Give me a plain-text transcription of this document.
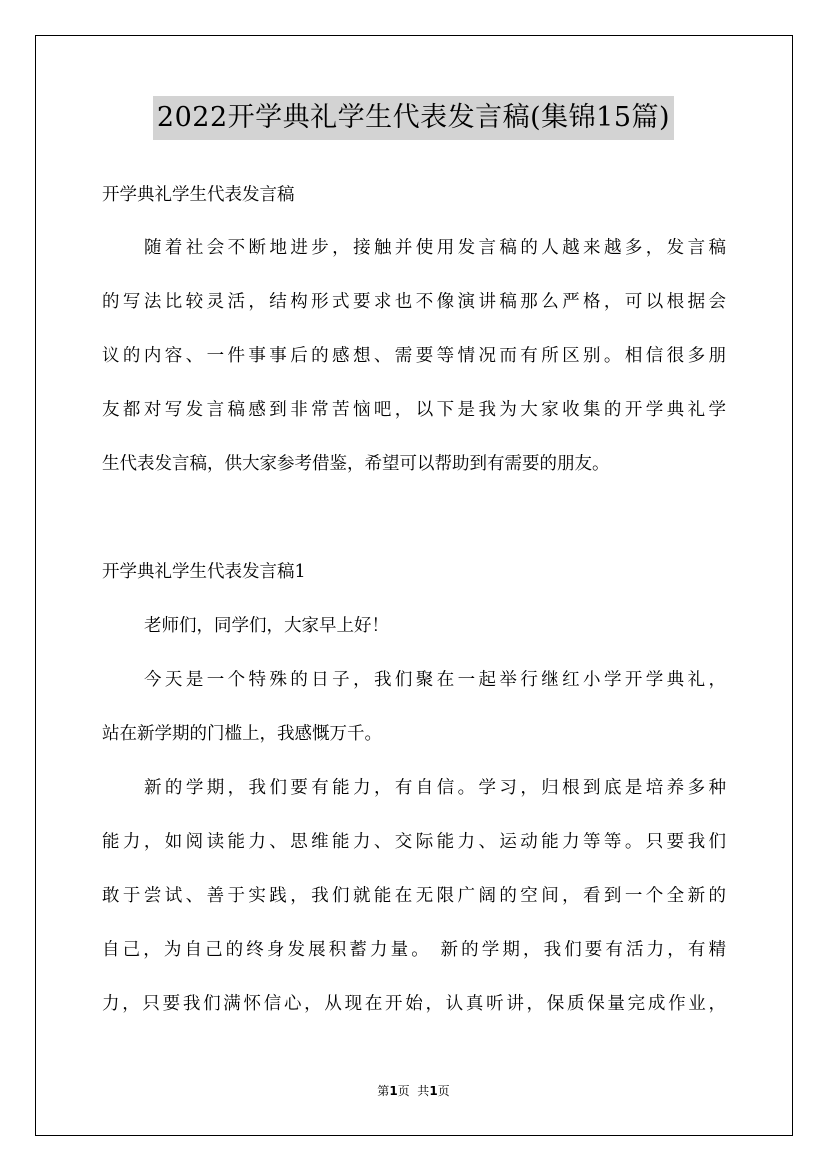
2022开学典礼学生代表发言稿(集锦15篇)
开学典礼学生代表发言稿
随着社会不断地进步，接触并使用发言稿的人越来越多，发言稿
的写法比较灵活，结构形式要求也不像演讲稿那么严格，可以根据会
议的内容、一件事事后的感想、需要等情况而有所区别。相信很多朋
友都对写发言稿感到非常苦恼吧，以下是我为大家收集的开学典礼学
生代表发言稿，供大家参考借鉴，希望可以帮助到有需要的朋友。
开学典礼学生代表发言稿1
老师们，同学们，大家早上好！
今天是一个特殊的日子，我们聚在一起举行继红小学开学典礼，
站在新学期的门槛上，我感慨万千。
新的学期，我们要有能力，有自信。学习，归根到底是培养多种
能力，如阅读能力、思维能力、交际能力、运动能力等等。只要我们
敢于尝试、善于实践，我们就能在无限广阔的空间，看到一个全新的
自己，为自己的终身发展积蓄力量。 新的学期，我们要有活力，有精
力，只要我们满怀信心，从现在开始，认真听讲，保质保量完成作业，
第1页  共1页
